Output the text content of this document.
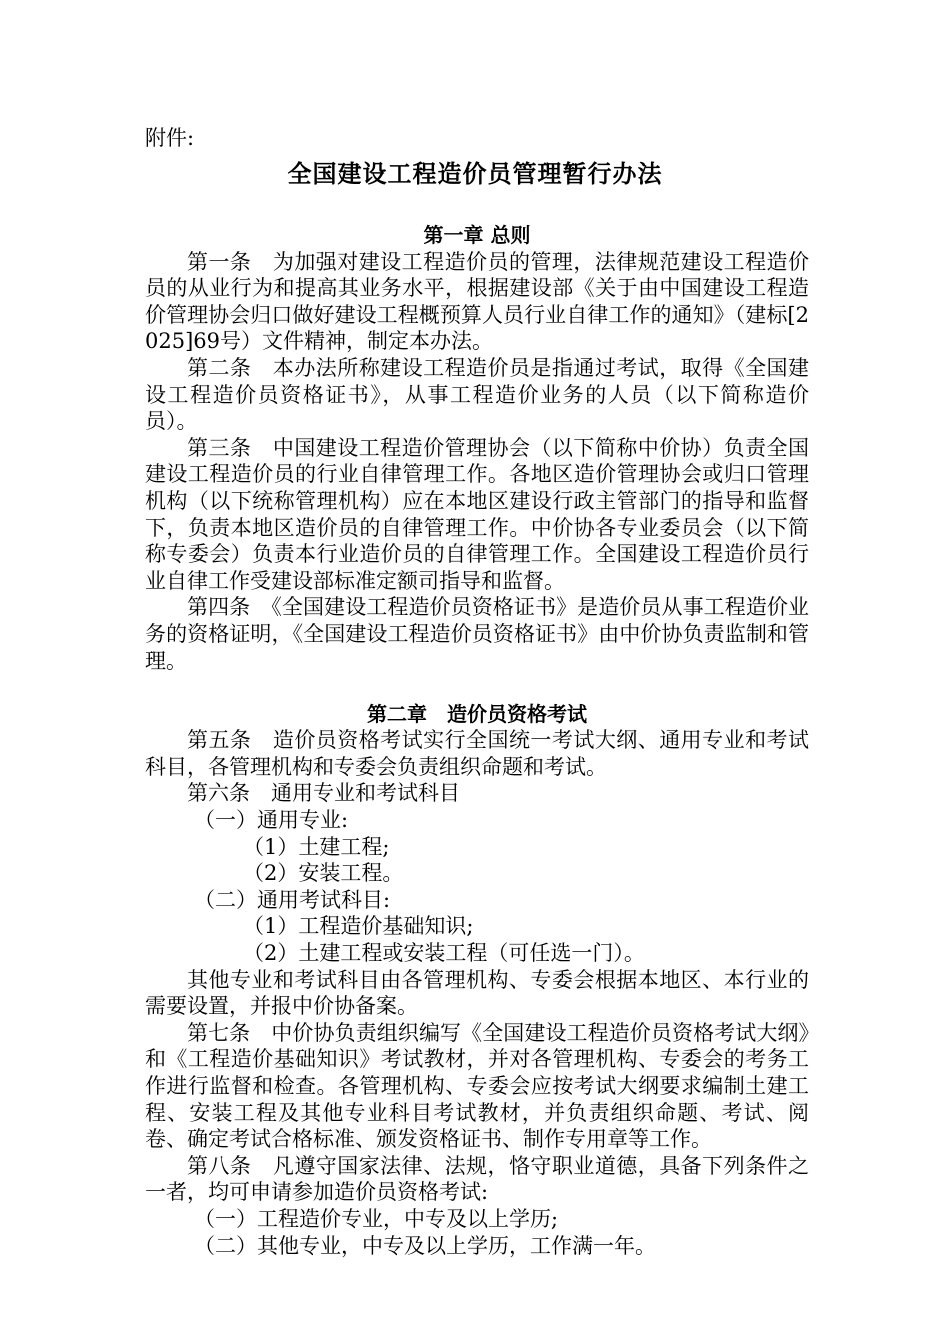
附件:
全国建设工程造价员管理暂行办法

第一章 总则

第一条　为加强对建设工程造价员的管理，法律规范建设工程造价员的从业行为和提高其业务水平，根据建设部《关于由中国建设工程造价管理协会归口做好建设工程概预算人员行业自律工作的通知》（建标[2025]69号）文件精神，制定本办法。

第二条　本办法所称建设工程造价员是指通过考试，取得《全国建设工程造价员资格证书》，从事工程造价业务的人员（以下简称造价员）。

第三条　中国建设工程造价管理协会（以下简称中价协）负责全国建设工程造价员的行业自律管理工作。各地区造价管理协会或归口管理机构（以下统称管理机构）应在本地区建设行政主管部门的指导和监督下，负责本地区造价员的自律管理工作。中价协各专业委员会（以下简称专委会）负责本行业造价员的自律管理工作。全国建设工程造价员行业自律工作受建设部标准定额司指导和监督。

第四条　《全国建设工程造价员资格证书》是造价员从事工程造价业务的资格证明，《全国建设工程造价员资格证书》由中价协负责监制和管理。

第二章　造价员资格考试

第五条　造价员资格考试实行全国统一考试大纲、通用专业和考试科目，各管理机构和专委会负责组织命题和考试。

第六条　通用专业和考试科目

（一）通用专业:

（1）土建工程;

（2）安装工程。

（二）通用考试科目:

（1）工程造价基础知识;

（2）土建工程或安装工程（可任选一门）。

其他专业和考试科目由各管理机构、专委会根据本地区、本行业的需要设置，并报中价协备案。

第七条　中价协负责组织编写《全国建设工程造价员资格考试大纲》和《工程造价基础知识》考试教材，并对各管理机构、专委会的考务工作进行监督和检查。各管理机构、专委会应按考试大纲要求编制土建工程、安装工程及其他专业科目考试教材，并负责组织命题、考试、阅卷、确定考试合格标准、颁发资格证书、制作专用章等工作。

第八条　凡遵守国家法律、法规，恪守职业道德，具备下列条件之一者，均可申请参加造价员资格考试:

（一）工程造价专业，中专及以上学历;

（二）其他专业，中专及以上学历，工作满一年。
